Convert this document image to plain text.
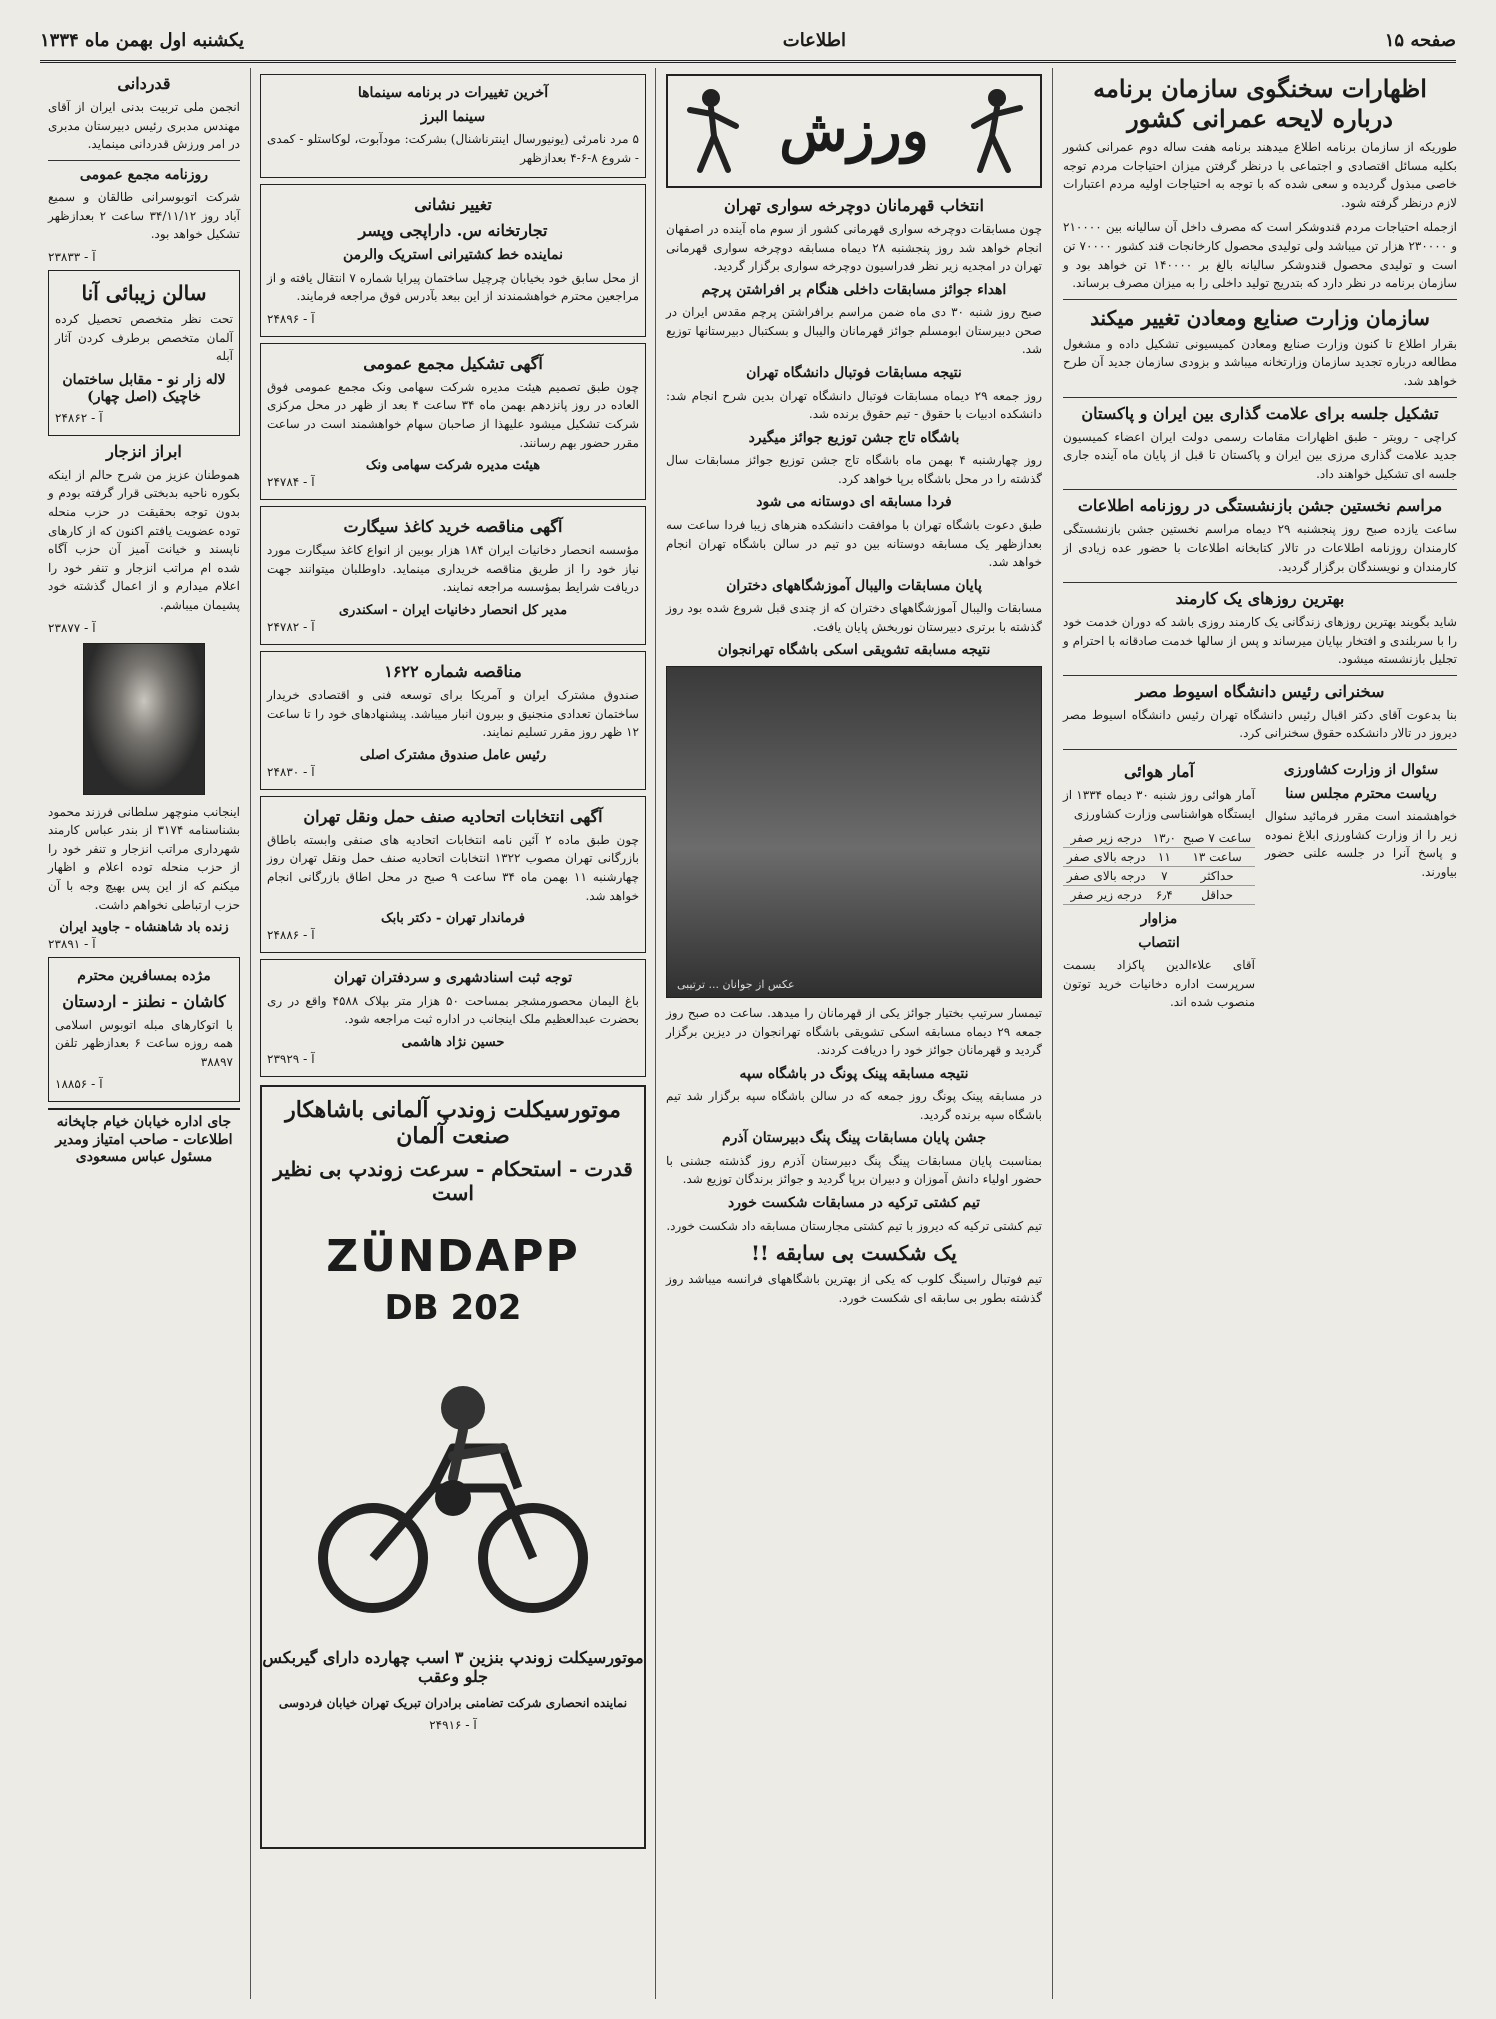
صفحه ۱۵
اطلاعات
یکشنبه اول بهمن ماه ۱۳۳۴
اظهارات سخنگوی سازمان برنامه درباره لایحه عمرانی کشور

طوریکه از سازمان برنامه اطلاع میدهند برنامه هفت ساله دوم عمرانی کشور بکلیه مسائل اقتصادی و اجتماعی با درنظر گرفتن میزان احتیاجات مردم توجه خاصی مبذول گردیده و سعی شده که با توجه به احتیاجات اولیه مردم اعتبارات لازم درنظر گرفته شود.

ازجمله احتیاجات مردم قندوشکر است که مصرف داخل آن سالیانه بین ۲۱۰۰۰۰ و ۲۳۰۰۰۰ هزار تن میباشد ولی تولیدی محصول کارخانجات قند کشور ۷۰۰۰۰ تن است و تولیدی محصول قندوشکر سالیانه بالغ بر ۱۴۰۰۰۰ تن خواهد بود و سازمان برنامه در نظر دارد که بتدریج تولید داخلی را به میزان مصرف برساند.

سازمان وزارت صنایع ومعادن تغییر میکند

بقرار اطلاع تا کنون وزارت صنایع ومعادن کمیسیونی تشکیل داده و مشغول مطالعه درباره تجدید سازمان وزارتخانه میباشد و بزودی سازمان جدید آن طرح خواهد شد.

تشکیل جلسه برای علامت گذاری بین ایران و پاکستان

کراچی - رویتر - طبق اظهارات مقامات رسمی دولت ایران اعضاء کمیسیون جدید علامت گذاری مرزی بین ایران و پاکستان تا قبل از پایان ماه آینده جاری جلسه ای تشکیل خواهند داد.

مراسم نخستین جشن بازنشستگی در روزنامه اطلاعات

ساعت یازده صبح روز پنجشنبه ۲۹ دیماه مراسم نخستین جشن بازنشستگی کارمندان روزنامه اطلاعات در تالار کتابخانه اطلاعات با حضور عده زیادی از کارمندان و نویسندگان برگزار گردید.

بهترین روزهای یک کارمند

شاید بگویند بهترین روزهای زندگانی یک کارمند روزی باشد که دوران خدمت خود را با سربلندی و افتخار بپایان میرساند و پس از سالها خدمت صادقانه با احترام و تجلیل بازنشسته میشود.

سخنرانی رئیس دانشگاه اسیوط مصر

بنا بدعوت آقای دکتر اقبال رئیس دانشگاه تهران رئیس دانشگاه اسیوط مصر دیروز در تالار دانشکده حقوق سخنرانی کرد.

سئوال از وزارت کشاورزی
ریاست محترم مجلس سنا

خواهشمند است مقرر فرمائید سئوال زیر را از وزارت کشاورزی ابلاغ نموده و پاسخ آنرا در جلسه علنی حضور بیاورند.

آمار هوائی

آمار هوائی روز شنبه ۳۰ دیماه ۱۳۳۴ از ایستگاه هواشناسی وزارت کشاورزی

ساعت ۷ صبح	۱۳٫۰	درجه زیر صفر
ساعت ۱۳	۱۱	درجه بالای صفر
حداکثر	۷	درجه بالای صفر
حداقل	۶٫۴	درجه زیر صفر
مزاوار
انتصاب

آقای علاءالدین پاکزاد بسمت سرپرست اداره دخانیات خرید توتون منصوب شده اند.

ورزش
انتخاب قهرمانان دوچرخه سواری تهران

چون مسابقات دوچرخه سواری قهرمانی کشور از سوم ماه آینده در اصفهان انجام خواهد شد روز پنجشنبه ۲۸ دیماه مسابقه دوچرخه سواری قهرمانی تهران در امجدیه زیر نظر فدراسیون دوچرخه سواری برگزار گردید.

اهداء جوائز مسابقات داخلی هنگام بر افراشتن پرچم

صبح روز شنبه ۳۰ دی ماه ضمن مراسم برافراشتن پرچم مقدس ایران در صحن دبیرستان ابومسلم جوائز قهرمانان والیبال و بسکتبال دبیرستانها توزیع شد.

نتیجه مسابقات فوتبال دانشگاه تهران

روز جمعه ۲۹ دیماه مسابقات فوتبال دانشگاه تهران بدین شرح انجام شد: دانشکده ادبیات با حقوق - تیم حقوق برنده شد.

باشگاه تاج جشن توزیع جوائز میگیرد

روز چهارشنبه ۴ بهمن ماه باشگاه تاج جشن توزیع جوائز مسابقات سال گذشته را در محل باشگاه برپا خواهد کرد.

فردا مسابقه ای دوستانه می شود

طبق دعوت باشگاه تهران با موافقت دانشکده هنرهای زیبا فردا ساعت سه بعدازظهر یک مسابقه دوستانه بین دو تیم در سالن باشگاه تهران انجام خواهد شد.

پایان مسابقات والیبال آموزشگاههای دختران

مسابقات والیبال آموزشگاههای دختران که از چندی قبل شروع شده بود روز گذشته با برتری دبیرستان نوربخش پایان یافت.

نتیجه مسابقه تشویقی اسکی باشگاه تهرانجوان
عکس از جوانان ... ترتیبی

تیمسار سرتیپ بختیار جوائز یکی از قهرمانان را میدهد. ساعت ده صبح روز جمعه ۲۹ دیماه مسابقه اسکی تشویقی باشگاه تهرانجوان در دیزین برگزار گردید و قهرمانان جوائز خود را دریافت کردند.

نتیجه مسابقه پینک پونگ در باشگاه سپه

در مسابقه پینک پونگ روز جمعه که در سالن باشگاه سپه برگزار شد تیم باشگاه سپه برنده گردید.

جشن پایان مسابقات پینگ پنگ دبیرستان آذرم

بمناسبت پایان مسابقات پینگ پنگ دبیرستان آذرم روز گذشته جشنی با حضور اولیاء دانش آموزان و دبیران برپا گردید و جوائز برندگان توزیع شد.

تیم کشتی ترکیه در مسابقات شکست خورد

تیم کشتی ترکیه که دیروز با تیم کشتی مجارستان مسابقه داد شکست خورد.

یک شکست بی سابقه !!

تیم فوتبال راسینگ کلوب که یکی از بهترین باشگاههای فرانسه میباشد روز گذشته بطور بی سابقه ای شکست خورد.

آخرین تغییرات در برنامه سینماها
سینما البرز

۵ مرد نامرئی (یونیورسال اینترناشنال) بشرکت: مودآبوت، لوکاستلو - کمدی - شروع ۸-۶-۴ بعدازظهر

تغییر نشانی
تجارتخانه س. داراپجی وپسر
نماینده خط کشتیرانی استریک والرمن

از محل سابق خود بخیابان چرچیل ساختمان پیرایا شماره ۷ انتقال یافته و از مراجعین محترم خواهشمندند از این ببعد بآدرس فوق مراجعه فرمایند.

آ - ۲۴۸۹۶
آگهی تشکیل مجمع عمومی

چون طبق تصمیم هیئت مدیره شرکت سهامی ونک مجمع عمومی فوق العاده در روز پانزدهم بهمن ماه ۳۴ ساعت ۴ بعد از ظهر در محل مرکزی شرکت تشکیل میشود علیهذا از صاحبان سهام خواهشمند است در ساعت مقرر حضور بهم رسانند.

هیئت مدیره شرکت سهامی ونک
آ - ۲۴۷۸۴
آگهی مناقصه خرید کاغذ سیگارت

مؤسسه انحصار دخانیات ایران ۱۸۴ هزار بوبین از انواع کاغذ سیگارت مورد نیاز خود را از طریق مناقصه خریداری مینماید. داوطلبان میتوانند جهت دریافت شرایط بمؤسسه مراجعه نمایند.

مدیر کل انحصار دخانیات ایران - اسکندری
آ - ۲۴۷۸۲
مناقصه شماره ۱۶۲۲

صندوق مشترک ایران و آمریکا برای توسعه فنی و اقتصادی خریدار ساختمان تعدادی منجنیق و بیرون انبار میباشد. پیشنهادهای خود را تا ساعت ۱۲ ظهر روز مقرر تسلیم نمایند.

رئیس عامل صندوق مشترک اصلی
آ - ۲۴۸۳۰
آگهی انتخابات اتحادیه صنف حمل ونقل تهران

چون طبق ماده ۲ آئین نامه انتخابات اتحادیه های صنفی وابسته باطاق بازرگانی تهران مصوب ۱۳۲۲ انتخابات اتحادیه صنف حمل ونقل تهران روز چهارشنبه ۱۱ بهمن ماه ۳۴ ساعت ۹ صبح در محل اطاق بازرگانی انجام خواهد شد.

فرماندار تهران - دکتر بابک
آ - ۲۴۸۸۶
توجه ثبت اسنادشهری و سردفتران تهران

باغ الیمان محصورمشجر بمساحت ۵۰ هزار متر بپلاک ۴۵۸۸ واقع در ری بحضرت عبدالعظیم ملک اینجانب در اداره ثبت مراجعه شود.

حسین نژاد هاشمی
آ - ۲۳۹۲۹
موتورسیکلت زوندپ آلمانی باشاهکار صنعت آلمان
قدرت - استحکام - سرعت زوندپ بی نظیر است
ZÜNDAPP
DB 202
موتورسیکلت زوندپ بنزین ۳ اسب چهارده دارای گیربکس جلو وعقب
نماینده انحصاری شرکت تضامنی برادران تبریک تهران خیابان فردوسی
آ - ۲۴۹۱۶
قدردانی

انجمن ملی تربیت بدنی ایران از آقای مهندس مدبری رئیس دبیرستان مدبری در امر ورزش قدردانی مینماید.

روزنامه مجمع عمومی

شرکت اتوبوسرانی طالقان و سمیع آباد روز ۳۴/۱۱/۱۲ ساعت ۲ بعدازظهر تشکیل خواهد بود.

آ - ۲۳۸۳۳
سالن زیبائی آنا

تحت نظر متخصص تحصیل کرده آلمان متخصص برطرف کردن آثار آبله

لاله زار نو - مقابل ساختمان خاچیک (اصل چهار)
آ - ۲۴۸۶۲
ابراز انزجار

هموطنان عزیز من شرح حالم از اینکه بکوره ناحیه بدبختی قرار گرفته بودم و بدون توجه بحقیقت در حزب منحله توده عضویت یافتم اکنون که از کارهای ناپسند و خیانت آمیز آن حزب آگاه شده ام مراتب انزجار و تنفر خود را اعلام میدارم و از اعمال گذشته خود پشیمان میباشم.

آ - ۲۳۸۷۷

اینجانب منوچهر سلطانی فرزند محمود بشناسنامه ۳۱۷۴ از بندر عباس کارمند شهرداری مراتب انزجار و تنفر خود را از حزب منحله توده اعلام و اظهار میکنم که از این پس بهیچ وجه با آن حزب ارتباطی نخواهم داشت.

زنده باد شاهنشاه - جاوید ایران
آ - ۲۳۸۹۱
مژده بمسافرین محترم
کاشان - نطنز - اردستان

با اتوکارهای مبله اتوبوس اسلامی همه روزه ساعت ۶ بعدازظهر تلفن ۳۸۸۹۷

آ - ۱۸۸۵۶
جای اداره خیابان خیام جاپخانه اطلاعات - صاحب امتیاز ومدیر مسئول عباس مسعودی
